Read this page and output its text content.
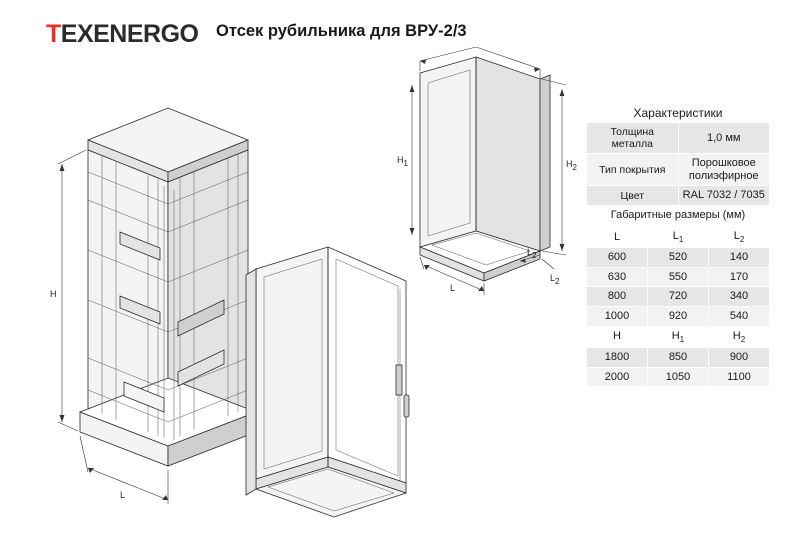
TEXENERGO Отсек рубильника для ВРУ-2/3
H
L
H1	H2
L
L2
L2
Характеристики
Толщина металла	1,0 мм
Тип покрытия	Порошковое полиэфирное
Цвет	RAL 7032 / 7035
Габаритные размеры (мм)	
L	$L_1$	$L_2$
600	520	140
630	550	170
800	720	340
1000	920	540
H	$H_1$	$H_2$
1800	850	900
2000	1050	1100
